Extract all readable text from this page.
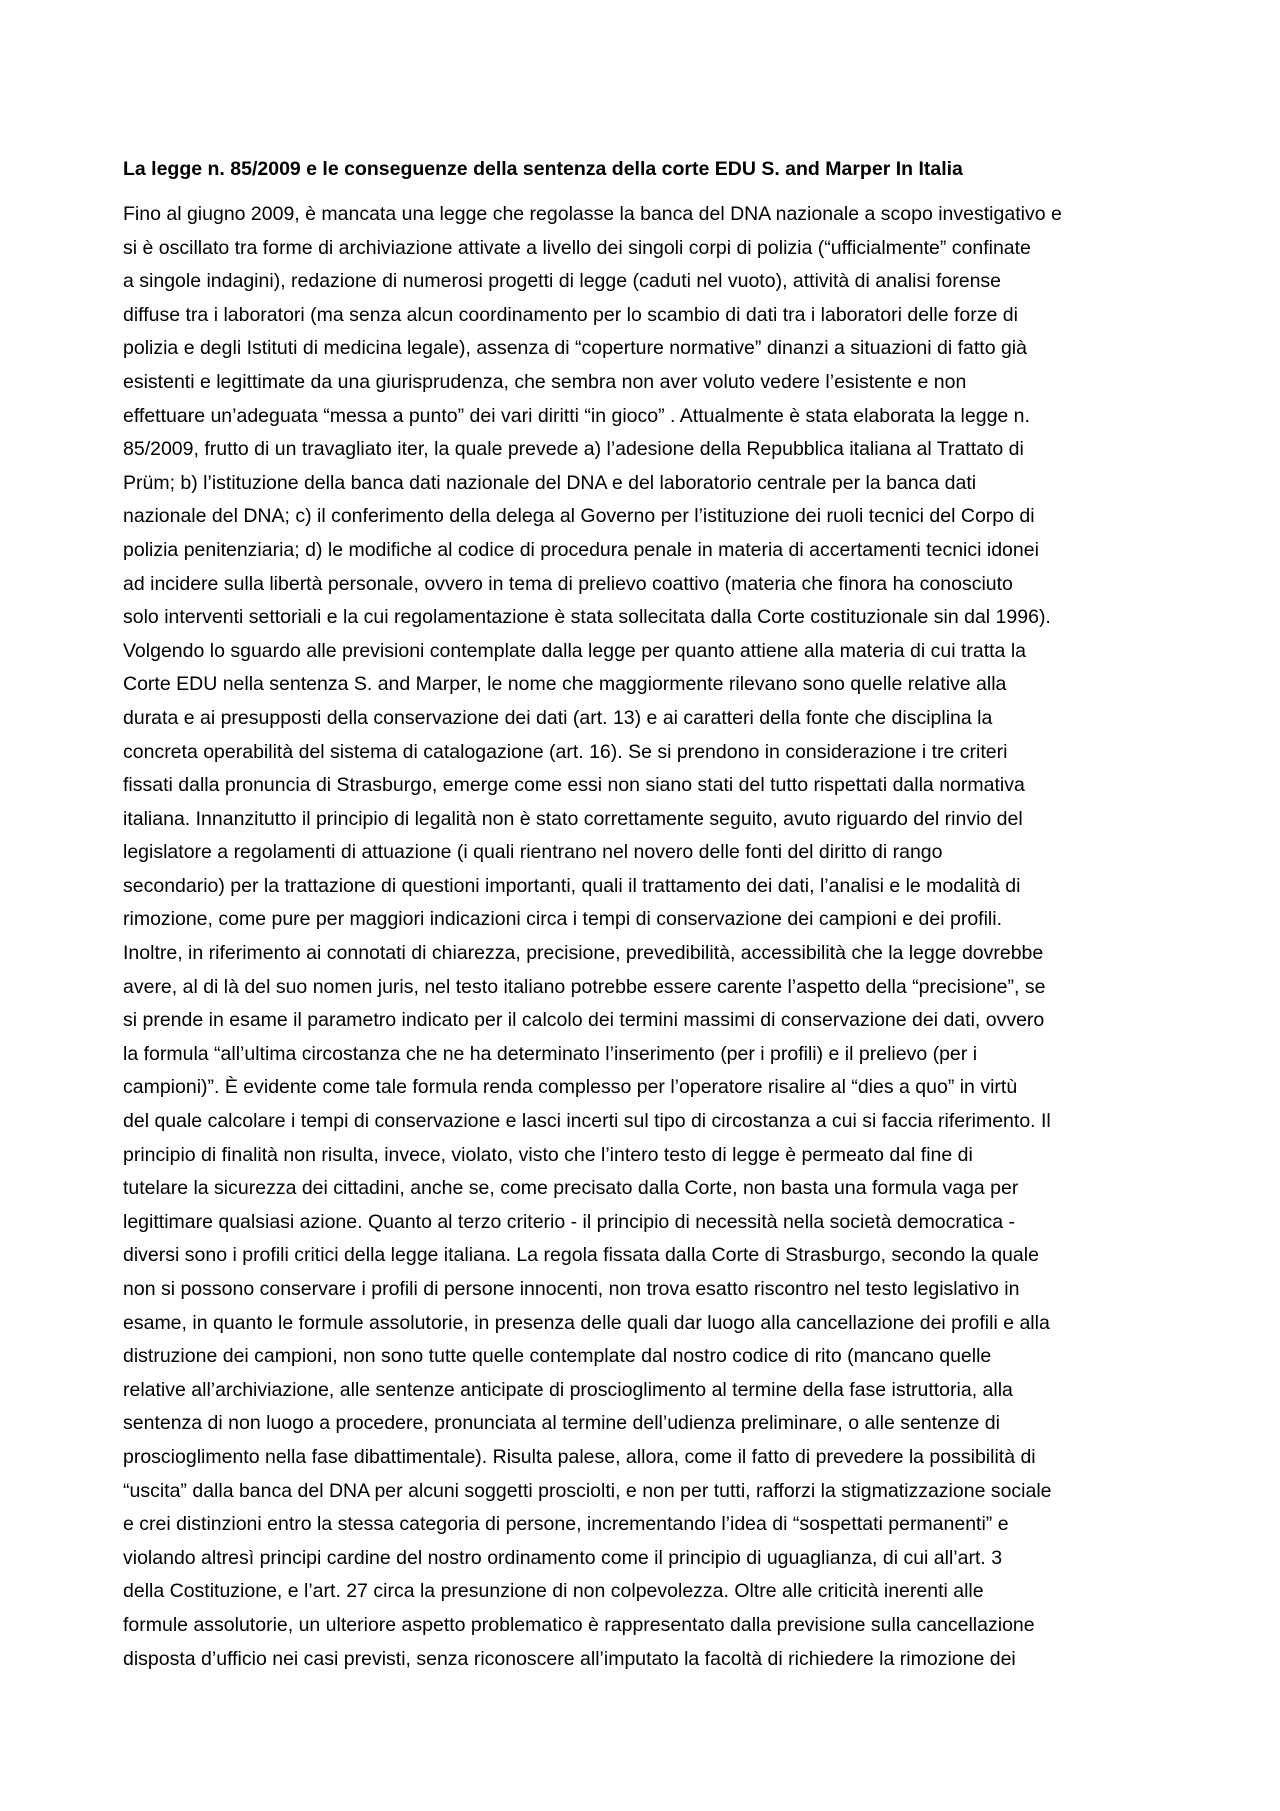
La legge n. 85/2009 e le conseguenze della sentenza della corte EDU S. and Marper In Italia
Fino al giugno 2009, è mancata una legge che regolasse la banca del DNA nazionale a scopo investigativo e
si è oscillato tra forme di archiviazione attivate a livello dei singoli corpi di polizia (“ufficialmente” confinate
a singole indagini), redazione di numerosi progetti di legge (caduti nel vuoto), attività di analisi forense
diffuse tra i laboratori (ma senza alcun coordinamento per lo scambio di dati tra i laboratori delle forze di
polizia e degli Istituti di medicina legale), assenza di “coperture normative” dinanzi a situazioni di fatto già
esistenti e legittimate da una giurisprudenza, che sembra non aver voluto vedere l’esistente e non
effettuare un’adeguata “messa a punto” dei vari diritti “in gioco” . Attualmente è stata elaborata la legge n.
85/2009, frutto di un travagliato iter, la quale prevede a) l’adesione della Repubblica italiana al Trattato di
Prüm; b) l’istituzione della banca dati nazionale del DNA e del laboratorio centrale per la banca dati
nazionale del DNA; c) il conferimento della delega al Governo per l’istituzione dei ruoli tecnici del Corpo di
polizia penitenziaria; d) le modifiche al codice di procedura penale in materia di accertamenti tecnici idonei
ad incidere sulla libertà personale, ovvero in tema di prelievo coattivo (materia che finora ha conosciuto
solo interventi settoriali e la cui regolamentazione è stata sollecitata dalla Corte costituzionale sin dal 1996).
Volgendo lo sguardo alle previsioni contemplate dalla legge per quanto attiene alla materia di cui tratta la
Corte EDU nella sentenza S. and Marper, le nome che maggiormente rilevano sono quelle relative alla
durata e ai presupposti della conservazione dei dati (art. 13) e ai caratteri della fonte che disciplina la
concreta operabilità del sistema di catalogazione (art. 16). Se si prendono in considerazione i tre criteri
fissati dalla pronuncia di Strasburgo, emerge come essi non siano stati del tutto rispettati dalla normativa
italiana. Innanzitutto il principio di legalità non è stato correttamente seguito, avuto riguardo del rinvio del
legislatore a regolamenti di attuazione (i quali rientrano nel novero delle fonti del diritto di rango
secondario) per la trattazione di questioni importanti, quali il trattamento dei dati, l’analisi e le modalità di
rimozione, come pure per maggiori indicazioni circa i tempi di conservazione dei campioni e dei profili.
Inoltre, in riferimento ai connotati di chiarezza, precisione, prevedibilità, accessibilità che la legge dovrebbe
avere, al di là del suo nomen juris, nel testo italiano potrebbe essere carente l’aspetto della “precisione”, se
si prende in esame il parametro indicato per il calcolo dei termini massimi di conservazione dei dati, ovvero
la formula “all’ultima circostanza che ne ha determinato l’inserimento (per i profili) e il prelievo (per i
campioni)”. È evidente come tale formula renda complesso per l’operatore risalire al “dies a quo” in virtù
del quale calcolare i tempi di conservazione e lasci incerti sul tipo di circostanza a cui si faccia riferimento. Il
principio di finalità non risulta, invece, violato, visto che l’intero testo di legge è permeato dal fine di
tutelare la sicurezza dei cittadini, anche se, come precisato dalla Corte, non basta una formula vaga per
legittimare qualsiasi azione. Quanto al terzo criterio - il principio di necessità nella società democratica -
diversi sono i profili critici della legge italiana. La regola fissata dalla Corte di Strasburgo, secondo la quale
non si possono conservare i profili di persone innocenti, non trova esatto riscontro nel testo legislativo in
esame, in quanto le formule assolutorie, in presenza delle quali dar luogo alla cancellazione dei profili e alla
distruzione dei campioni, non sono tutte quelle contemplate dal nostro codice di rito (mancano quelle
relative all’archiviazione, alle sentenze anticipate di proscioglimento al termine della fase istruttoria, alla
sentenza di non luogo a procedere, pronunciata al termine dell’udienza preliminare, o alle sentenze di
proscioglimento nella fase dibattimentale). Risulta palese, allora, come il fatto di prevedere la possibilità di
“uscita” dalla banca del DNA per alcuni soggetti prosciolti, e non per tutti, rafforzi la stigmatizzazione sociale
e crei distinzioni entro la stessa categoria di persone, incrementando l’idea di “sospettati permanenti” e
violando altresì principi cardine del nostro ordinamento come il principio di uguaglianza, di cui all’art. 3
della Costituzione, e l’art. 27 circa la presunzione di non colpevolezza. Oltre alle criticità inerenti alle
formule assolutorie, un ulteriore aspetto problematico è rappresentato dalla previsione sulla cancellazione
disposta d’ufficio nei casi previsti, senza riconoscere all’imputato la facoltà di richiedere la rimozione dei
